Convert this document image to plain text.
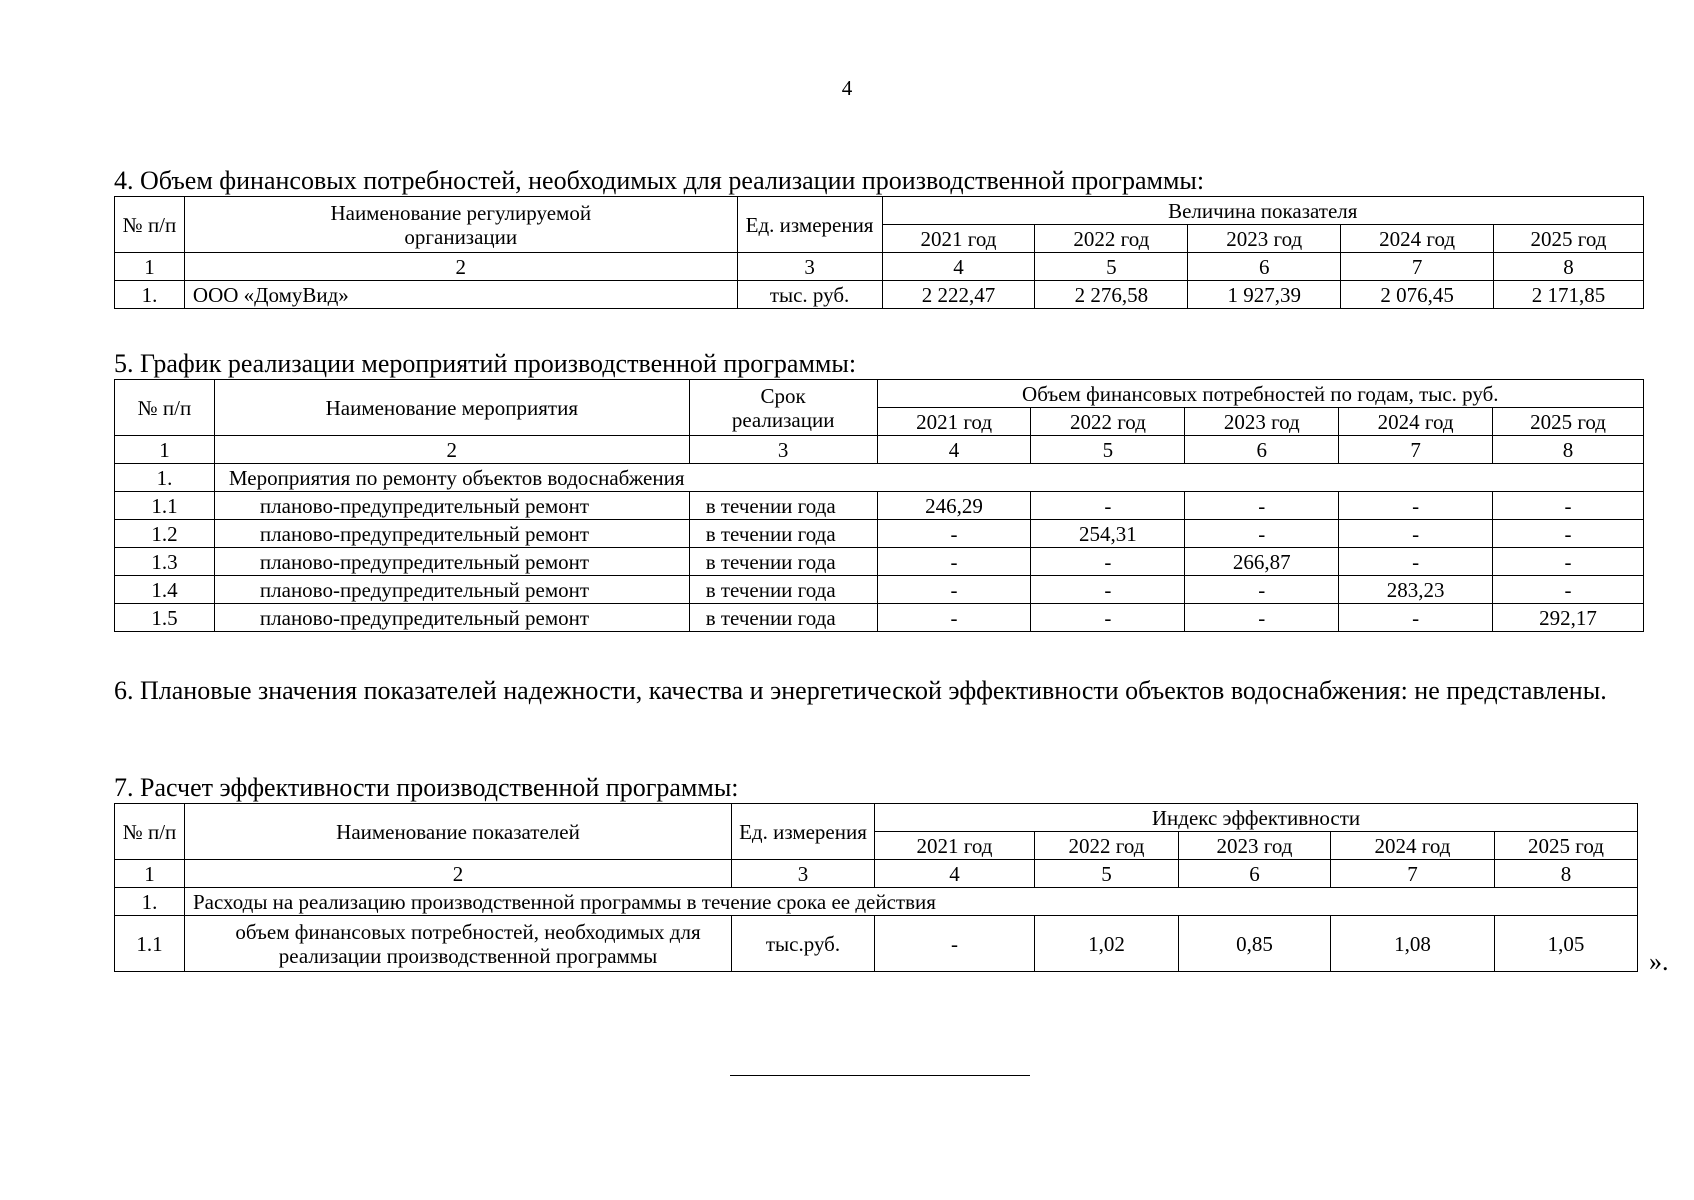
4

4. Объем финансовых потребностей, необходимых для реализации производственной программы:

№ п/п	Наименование регулируемой организации	Ед. измерения	Величина показателя				
			2021 год	2022 год	2023 год	2024 год	2025 год
1	2	3	4	5	6	7	8
1.	ООО «ДомуВид»	тыс. руб.	2 222,47	2 276,58	1 927,39	2 076,45	2 171,85

5. График реализации мероприятий производственной программы:

№ п/п	Наименование мероприятия	Срок реализации	Объем финансовых потребностей по годам, тыс. руб.				
			2021 год	2022 год	2023 год	2024 год	2025 год
1	2	3	4	5	6	7	8
1.	Мероприятия по ремонту объектов водоснабжения						
1.1	планово-предупредительный ремонт	в течении года	246,29	-	-	-	-
1.2	планово-предупредительный ремонт	в течении года	-	254,31	-	-	-
1.3	планово-предупредительный ремонт	в течении года	-	-	266,87	-	-
1.4	планово-предупредительный ремонт	в течении года	-	-	-	283,23	-
1.5	планово-предупредительный ремонт	в течении года	-	-	-	-	292,17

6. Плановые значения показателей надежности, качества и энергетической эффективности объектов водоснабжения: не представлены.

7. Расчет эффективности производственной программы:

№ п/п	Наименование показателей	Ед. измерения	Индекс эффективности				
			2021 год	2022 год	2023 год	2024 год	2025 год
1	2	3	4	5	6	7	8
1.	Расходы на реализацию производственной программы в течение срока ее действия						
1.1	объем финансовых потребностей, необходимых для реализации производственной программы	тыс.руб.	-	1,02	0,85	1,08	1,05
».
